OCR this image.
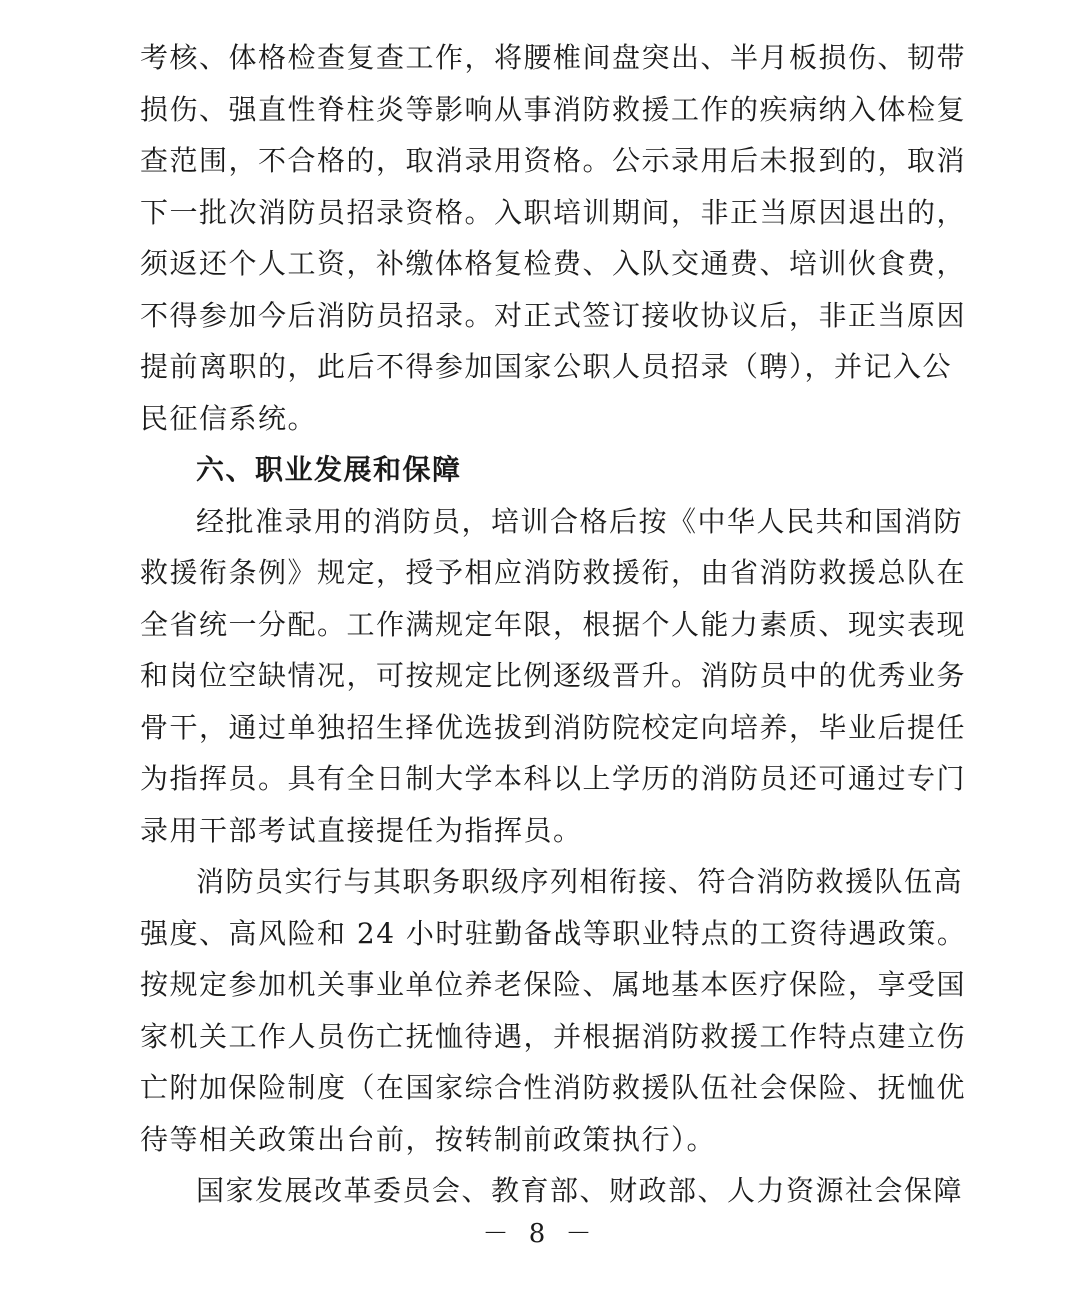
考核、体格检查复查工作，将腰椎间盘突出、半月板损伤、韧带
损伤、强直性脊柱炎等影响从事消防救援工作的疾病纳入体检复
查范围，不合格的，取消录用资格。公示录用后未报到的，取消
下一批次消防员招录资格。入职培训期间，非正当原因退出的，
须返还个人工资，补缴体格复检费、入队交通费、培训伙食费，
不得参加今后消防员招录。对正式签订接收协议后，非正当原因
提前离职的，此后不得参加国家公职人员招录（聘），并记入公
民征信系统。
六、职业发展和保障
经批准录用的消防员，培训合格后按《中华人民共和国消防
救援衔条例》规定，授予相应消防救援衔，由省消防救援总队在
全省统一分配。工作满规定年限，根据个人能力素质、现实表现
和岗位空缺情况，可按规定比例逐级晋升。消防员中的优秀业务
骨干，通过单独招生择优选拔到消防院校定向培养，毕业后提任
为指挥员。具有全日制大学本科以上学历的消防员还可通过专门
录用干部考试直接提任为指挥员。
消防员实行与其职务职级序列相衔接、符合消防救援队伍高
强度、高风险和 24 小时驻勤备战等职业特点的工资待遇政策。
按规定参加机关事业单位养老保险、属地基本医疗保险，享受国
家机关工作人员伤亡抚恤待遇，并根据消防救援工作特点建立伤
亡附加保险制度（在国家综合性消防救援队伍社会保险、抚恤优
待等相关政策出台前，按转制前政策执行）。
国家发展改革委员会、教育部、财政部、人力资源社会保障
－ 8 －
